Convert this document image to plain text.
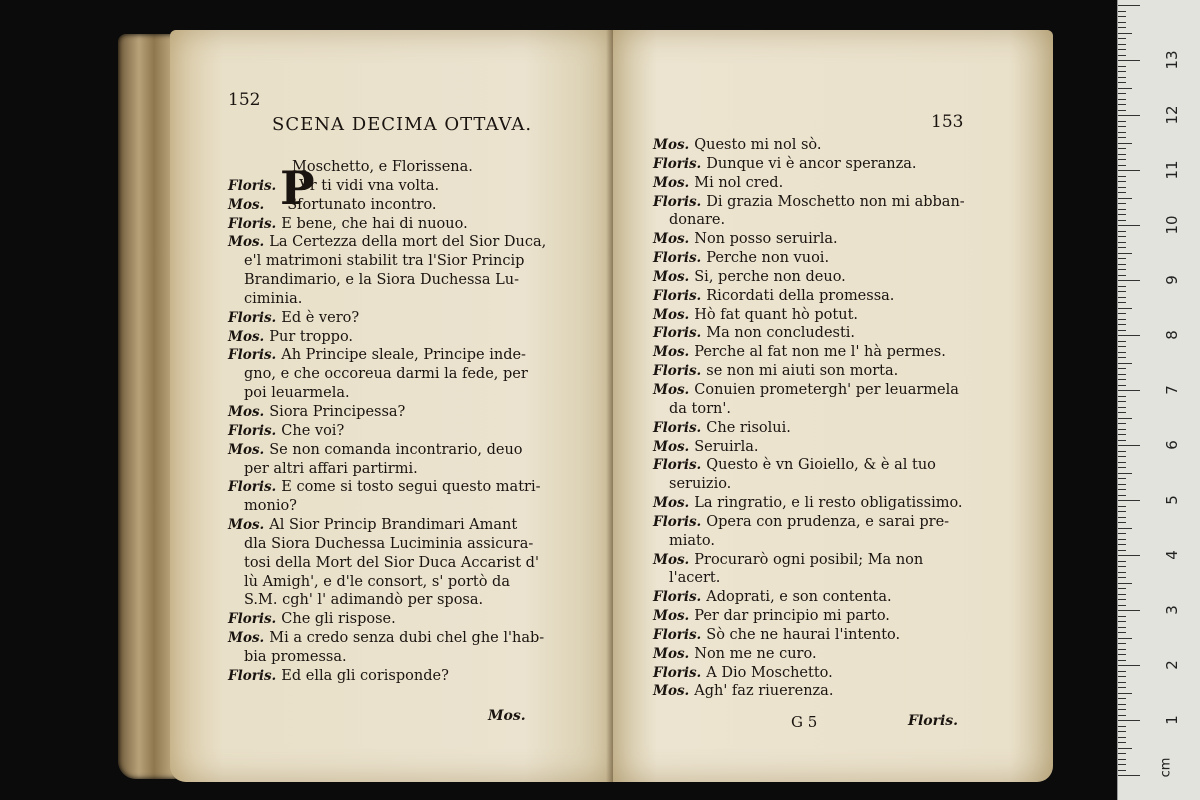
152
SCENA DECIMA OTTAVA.
P
Moschetto, e Florissena.
Floris. Vr ti vidi vna volta.
Mos. Sfortunato incontro.
Floris. E bene, che hai di nuouo.
Mos. La Certezza della mort del Sior Duca,
e'l matrimoni stabilit tra l'Sior Princip
Brandimario, e la Siora Duchessa Lu-
ciminia.
Floris. Ed è vero?
Mos. Pur troppo.
Floris. Ah Principe sleale, Principe inde-
gno, e che occoreua darmi la fede, per
poi leuarmela.
Mos. Siora Principessa?
Floris. Che voi?
Mos. Se non comanda incontrario, deuo
per altri affari partirmi.
Floris. E come si tosto segui questo matri-
monio?
Mos. Al Sior Princip Brandimari Amant
dla Siora Duchessa Luciminia assicura-
tosi della Mort del Sior Duca Accarist d'
lù Amigh', e d'le consort, s' portò da
S.M. cgh' l' adimandò per sposa.
Floris. Che gli rispose.
Mos. Mi a credo senza dubi chel ghe l'hab-
bia promessa.
Floris. Ed ella gli corisponde?
Mos.
153
Mos. Questo mi nol sò.
Floris. Dunque vi è ancor speranza.
Mos. Mi nol cred.
Floris. Di grazia Moschetto non mi abban-
donare.
Mos. Non posso seruirla.
Floris. Perche non vuoi.
Mos. Si, perche non deuo.
Floris. Ricordati della promessa.
Mos. Hò fat quant hò potut.
Floris. Ma non concludesti.
Mos. Perche al fat non me l' hà permes.
Floris. se non mi aiuti son morta.
Mos. Conuien prometergh' per leuarmela
da torn'.
Floris. Che risolui.
Mos. Seruirla.
Floris. Questo è vn Gioiello, & è al tuo
seruizio.
Mos. La ringratio, e li resto obligatissimo.
Floris. Opera con prudenza, e sarai pre-
miato.
Mos. Procurarò ogni posibil; Ma non
l'acert.
Floris. Adoprati, e son contenta.
Mos. Per dar principio mi parto.
Floris. Sò che ne haurai l'intento.
Mos. Non me ne curo.
Floris. A Dio Moschetto.
Mos. Agh' faz riuerenza.
G 5	Floris.
cm
1
2
3
4
5
6
7
8
9
10
11
12
13
